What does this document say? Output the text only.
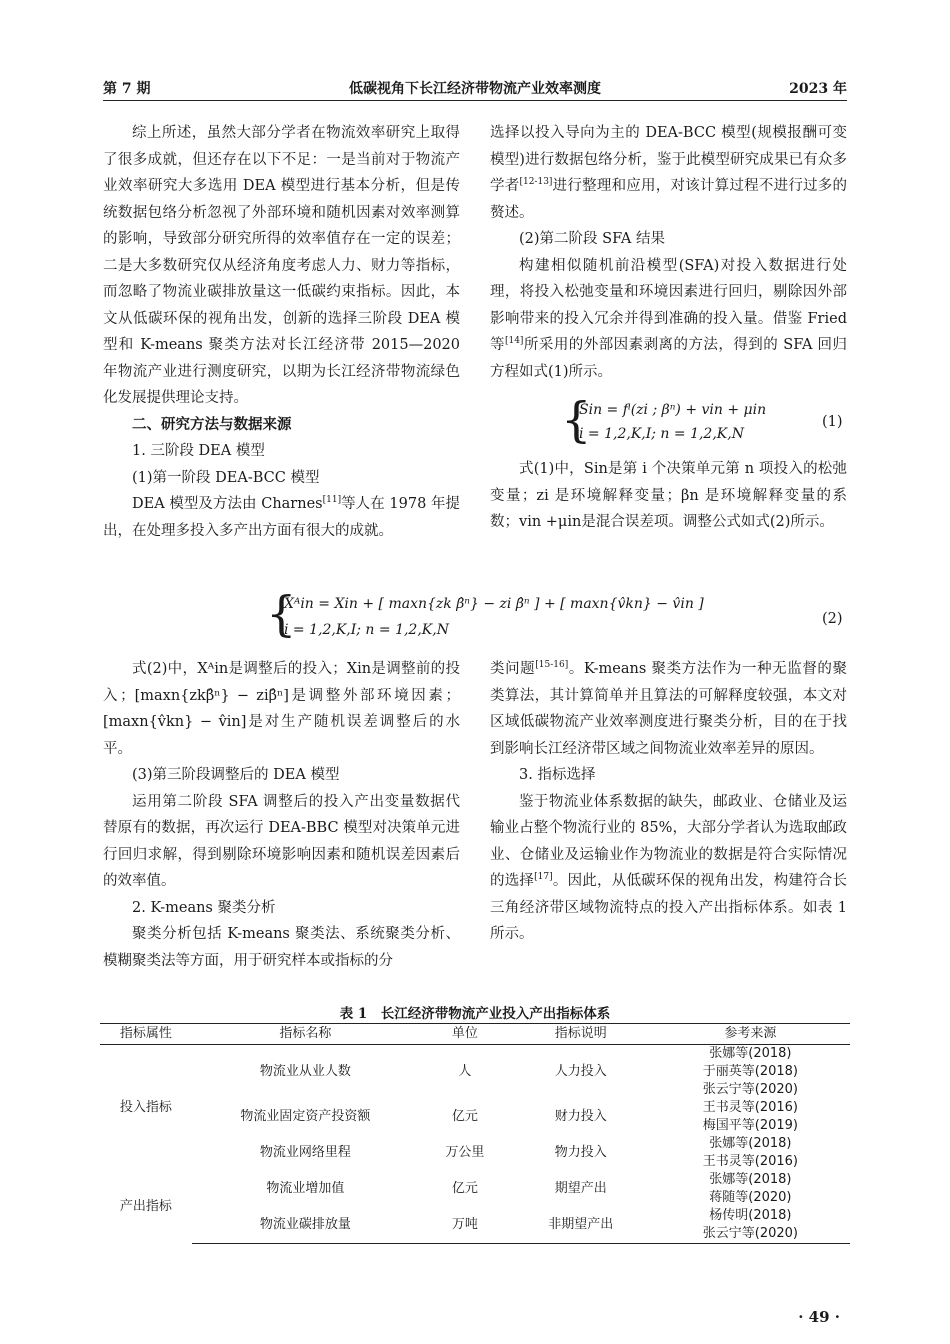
第 7 期	低碳视角下长江经济带物流产业效率测度	2023 年

综上所述，虽然大部分学者在物流效率研究上取得了很多成就，但还存在以下不足：一是当前对于物流产业效率研究大多选用 DEA 模型进行基本分析，但是传统数据包络分析忽视了外部环境和随机因素对效率测算的影响，导致部分研究所得的效率值存在一定的误差；二是大多数研究仅从经济角度考虑人力、财力等指标，而忽略了物流业碳排放量这一低碳约束指标。因此，本文从低碳环保的视角出发，创新的选择三阶段 DEA 模型和 K-means 聚类方法对长江经济带 2015—2020 年物流产业进行测度研究，以期为长江经济带物流绿色化发展提供理论支持。

二、研究方法与数据来源

1. 三阶段 DEA 模型

(1)第一阶段 DEA-BCC 模型

DEA 模型及方法由 Charnes[11]等人在 1978 年提出，在处理多投入多产出方面有很大的成就。

选择以投入导向为主的 DEA-BCC 模型(规模报酬可变模型)进行数据包络分析，鉴于此模型研究成果已有众多学者[12-13]进行整理和应用，对该计算过程不进行过多的赘述。

(2)第二阶段 SFA 结果

构建相似随机前沿模型(SFA)对投入数据进行处理，将投入松弛变量和环境因素进行回归，剔除因外部影响带来的投入冗余并得到准确的投入量。借鉴 Fried 等[14]所采用的外部因素剥离的方法，得到的 SFA 回归方程如式(1)所示。

{
Sin = fⁱ(zi ; βⁿ) + vin + μin
i = 1,2,K,I; n = 1,2,K,N
(1)

式(1)中，Sin是第 i 个决策单元第 n 项投入的松弛变量；zi 是环境解释变量；βn 是环境解释变量的系数；vin +μin是混合误差项。调整公式如式(2)所示。

{
Xᴬin = Xin + [ maxn{zk β̂ⁿ} − zi β̂ⁿ ] + [ maxn{v̂kn} − v̂in ]
i = 1,2,K,I; n = 1,2,K,N
(2)

式(2)中，Xᴬin是调整后的投入；Xin是调整前的投入；[maxn{zkβ̂ⁿ} − ziβ̂ⁿ]是调整外部环境因素；[maxn{v̂kn} − v̂in]是对生产随机误差调整后的水平。

(3)第三阶段调整后的 DEA 模型

运用第二阶段 SFA 调整后的投入产出变量数据代替原有的数据，再次运行 DEA-BBC 模型对决策单元进行回归求解，得到剔除环境影响因素和随机误差因素后的效率值。

2. K-means 聚类分析

聚类分析包括 K-means 聚类法、系统聚类分析、模糊聚类法等方面，用于研究样本或指标的分

类问题[15-16]。K-means 聚类方法作为一种无监督的聚类算法，其计算简单并且算法的可解释度较强，本文对区域低碳物流产业效率测度进行聚类分析，目的在于找到影响长江经济带区域之间物流业效率差异的原因。

3. 指标选择

鉴于物流业体系数据的缺失，邮政业、仓储业及运输业占整个物流行业的 85%，大部分学者认为选取邮政业、仓储业及运输业作为物流业的数据是符合实际情况的选择[17]。因此，从低碳环保的视角出发，构建符合长三角经济带区域物流特点的投入产出指标体系。如表 1 所示。

表 1　长江经济带物流产业投入产出指标体系
指标属性	指标名称	单位	指标说明	参考来源
投入指标	物流业从业人数	人	人力投入	张娜等(2018)
于丽英等(2018)
张云宁等(2020)

	物流业固定资产投资额	亿元	财力投入	王书灵等(2016)
梅国平等(2019)

	物流业网络里程	万公里	物力投入	张娜等(2018)
王书灵等(2016)

产出指标	物流业增加值	亿元	期望产出	张娜等(2018)
蒋随等(2020)

	物流业碳排放量	万吨	非期望产出	杨传明(2018)
张云宁等(2020)
· 49 ·
